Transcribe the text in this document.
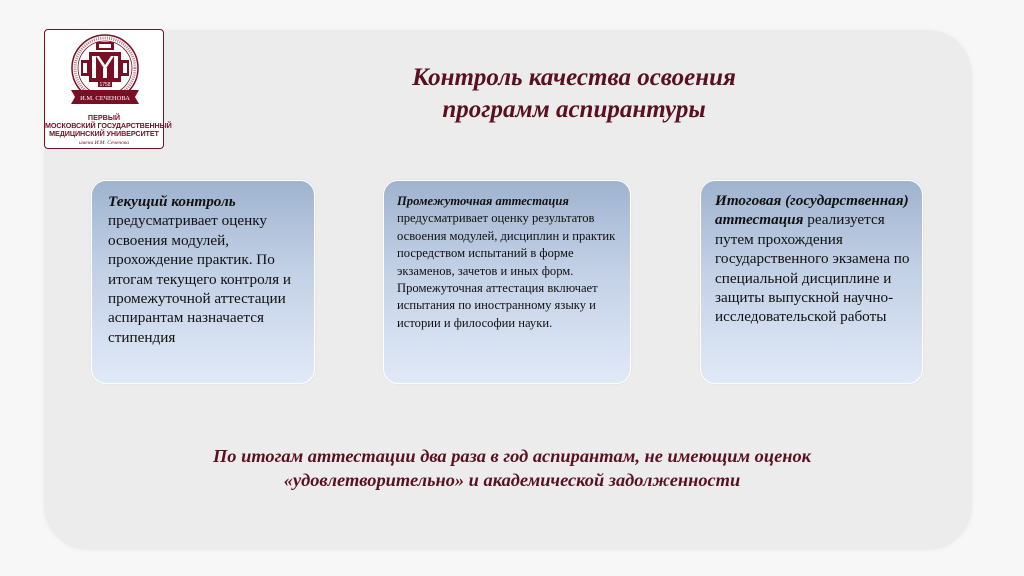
1758
И.М. СЕЧЕНОВА
ПЕРВЫЙ
МОСКОВСКИЙ ГОСУДАРСТВЕННЫЙ
МЕДИЦИНСКИЙ УНИВЕРСИТЕТ
имени И.М. Сеченова
Контроль качества освоения
программ аспирантуры
Текущий контроль предусматривает оценку освоения модулей, прохождение практик. По итогам текущего контроля и промежуточной аттестации аспирантам назначается стипендия
Промежуточная аттестация предусматривает оценку результатов освоения модулей, дисциплин и практик посредством испытаний в форме экзаменов, зачетов и иных форм. Промежуточная аттестация включает испытания по иностранному языку и истории и философии науки.
Итоговая (государственная) аттестация реализуется путем прохождения государственного экзамена по специальной дисциплине и защиты выпускной научно-исследовательской работы
По итогам аттестации два раза в год аспирантам, не имеющим оценок
«удовлетворительно» и академической задолженности
